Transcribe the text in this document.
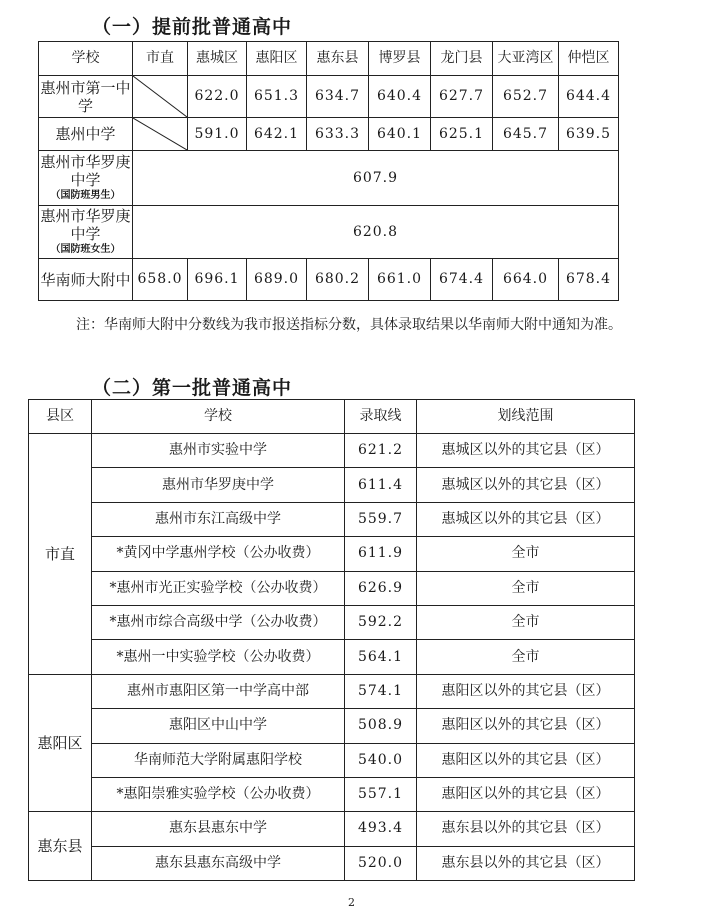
（一）提前批普通高中
学校	市直	惠城区	惠阳区	惠东县	博罗县	龙门县	大亚湾区	仲恺区
惠州市第一中学		622.0	651.3	634.7	640.4	627.7	652.7	644.4
惠州中学		591.0	642.1	633.3	640.1	625.1	645.7	639.5
惠州市华罗庚中学
（国防班男生）	607.9							
惠州市华罗庚中学
（国防班女生）	620.8							
华南师大附中	658.0	696.1	689.0	680.2	661.0	674.4	664.0	678.4
注：华南师大附中分数线为我市报送指标分数，具体录取结果以华南师大附中通知为准。
（二）第一批普通高中
县区	学校	录取线	划线范围
市直	惠州市实验中学	621.2	惠城区以外的其它县（区）
	惠州市华罗庚中学	611.4	惠城区以外的其它县（区）
	惠州市东江高级中学	559.7	惠城区以外的其它县（区）
	*黄冈中学惠州学校（公办收费）	611.9	全市
	*惠州市光正实验学校（公办收费）	626.9	全市
	*惠州市综合高级中学（公办收费）	592.2	全市
	*惠州一中实验学校（公办收费）	564.1	全市
惠阳区	惠州市惠阳区第一中学高中部	574.1	惠阳区以外的其它县（区）
	惠阳区中山中学	508.9	惠阳区以外的其它县（区）
	华南师范大学附属惠阳学校	540.0	惠阳区以外的其它县（区）
	*惠阳崇雅实验学校（公办收费）	557.1	惠阳区以外的其它县（区）
惠东县	惠东县惠东中学	493.4	惠东县以外的其它县（区）
	惠东县惠东高级中学	520.0	惠东县以外的其它县（区）
2
